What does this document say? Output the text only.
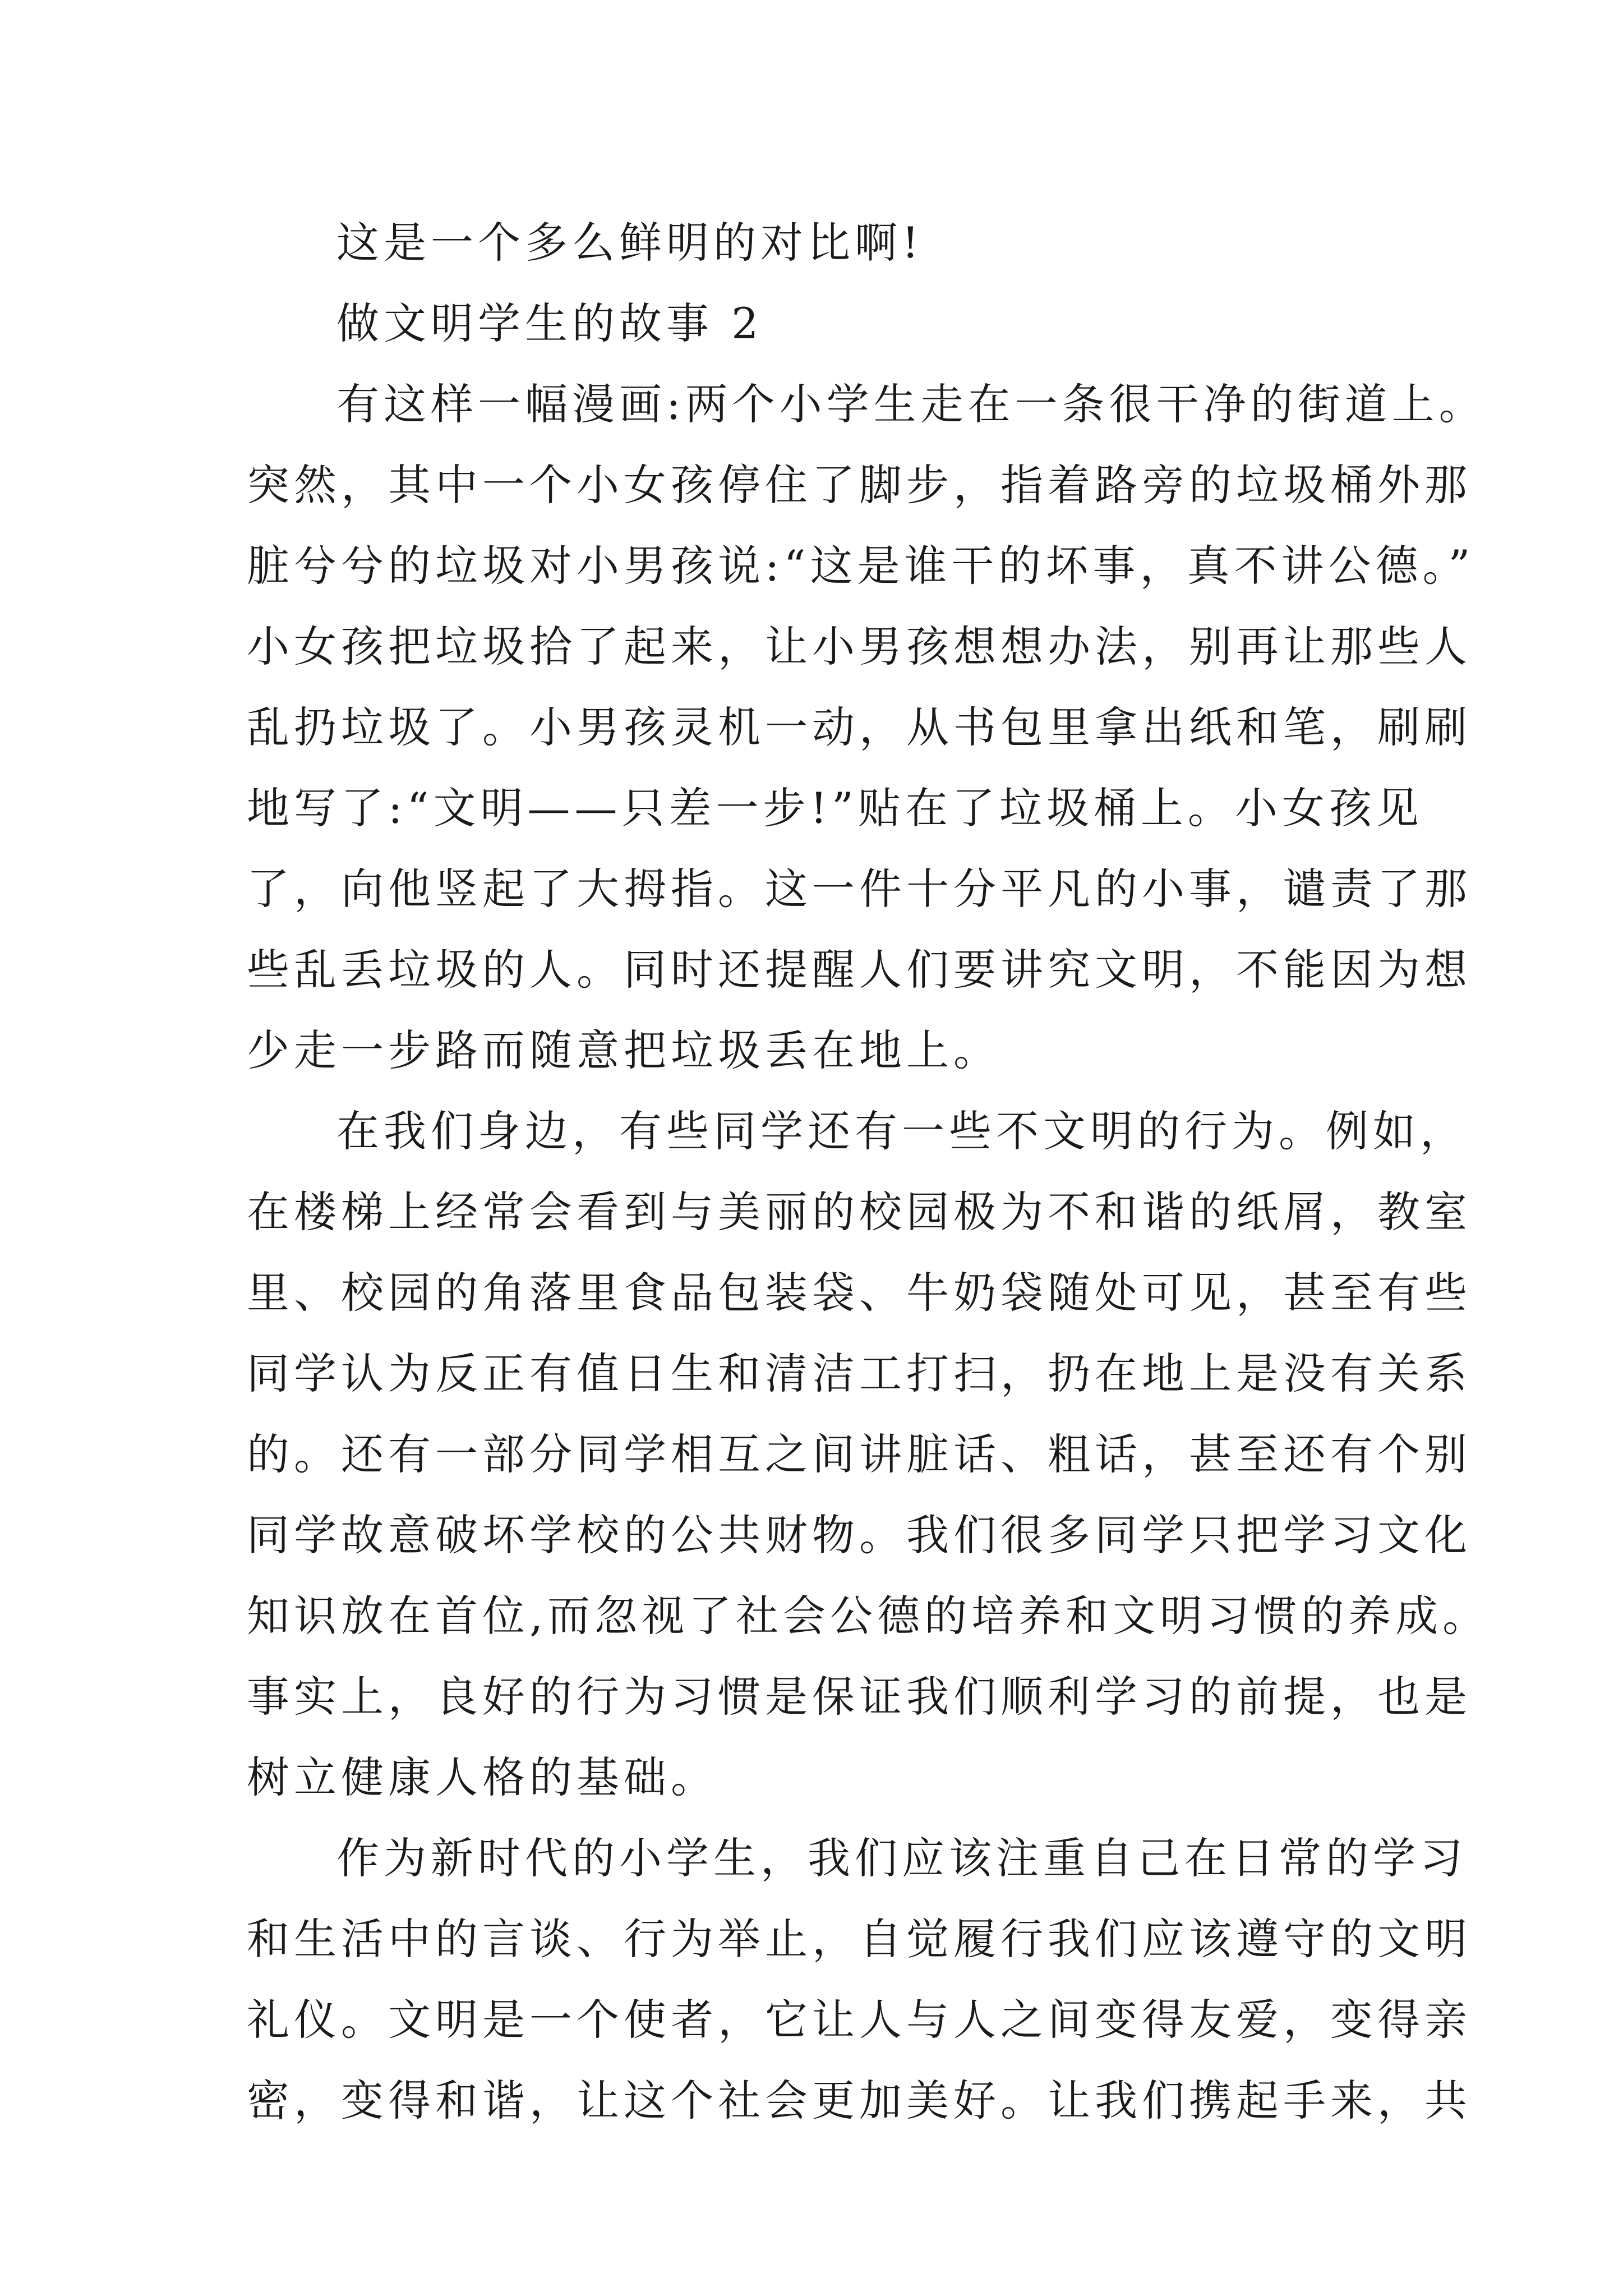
这是一个多么鲜明的对比啊!

做文明学生的故事 2

有这样一幅漫画:两个小学生走在一条很干净的街道上。

突然，其中一个小女孩停住了脚步，指着路旁的垃圾桶外那

脏兮兮的垃圾对小男孩说:“这是谁干的坏事，真不讲公德。”

小女孩把垃圾拾了起来，让小男孩想想办法，别再让那些人

乱扔垃圾了。小男孩灵机一动，从书包里拿出纸和笔，刷刷

地写了:“文明——只差一步!”贴在了垃圾桶上。小女孩见

了，向他竖起了大拇指。这一件十分平凡的小事，谴责了那

些乱丢垃圾的人。同时还提醒人们要讲究文明，不能因为想

少走一步路而随意把垃圾丢在地上。

在我们身边，有些同学还有一些不文明的行为。例如，

在楼梯上经常会看到与美丽的校园极为不和谐的纸屑，教室

里、校园的角落里食品包装袋、牛奶袋随处可见，甚至有些

同学认为反正有值日生和清洁工打扫，扔在地上是没有关系

的。还有一部分同学相互之间讲脏话、粗话，甚至还有个别

同学故意破坏学校的公共财物。我们很多同学只把学习文化

知识放在首位,而忽视了社会公德的培养和文明习惯的养成。

事实上，良好的行为习惯是保证我们顺利学习的前提，也是

树立健康人格的基础。

作为新时代的小学生，我们应该注重自己在日常的学习

和生活中的言谈、行为举止，自觉履行我们应该遵守的文明

礼仪。文明是一个使者，它让人与人之间变得友爱，变得亲

密，变得和谐，让这个社会更加美好。让我们携起手来，共
